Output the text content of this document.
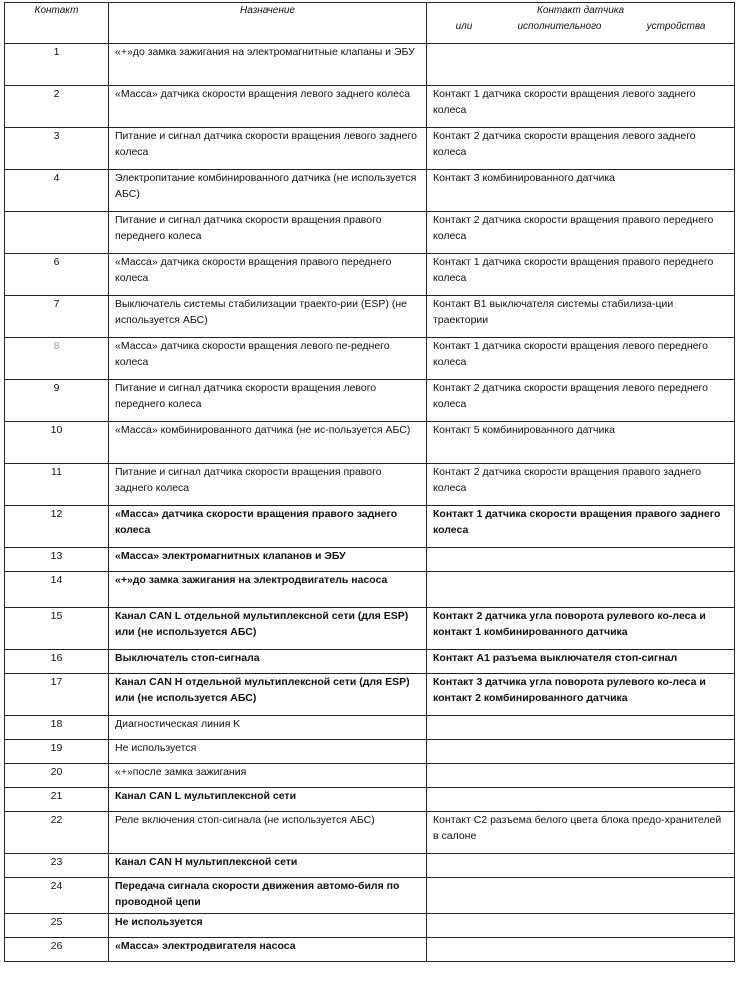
Контакт	Назначение	Контакт датчика
или исполнительного устройства

1	«+»до замка зажигания на электромагнитные клапаны и ЭБУ	
2	«Масса» датчика скорости вращения левого заднего колеса	Контакт 1 датчика скорости вращения левого заднего колеса
3	Питание и сигнал датчика скорости вращения левого заднего колеса	Контакт 2 датчика скорости вращения левого заднего колеса
4	Электропитание комбинированного датчика (не используется АБС)	Контакт 3 комбинированного датчика
	Питание и сигнал датчика скорости вращения правого переднего колеса	Контакт 2 датчика скорости вращения правого переднего колеса
6	«Масса» датчика скорости вращения правого переднего колеса	Контакт 1 датчика скорости вращения правого переднего колеса
7	Выключатель системы стабилизации траекто-рии (ESP) (не используется АБС)	Контакт В1 выключателя системы стабилиза-ции траектории
8	«Масса» датчика скорости вращения левого пе-реднего колеса	Контакт 1 датчика скорости вращения левого переднего колеса
9	Питание и сигнал датчика скорости вращения левого переднего колеса	Контакт 2 датчика скорости вращения левого переднего колеса
10	«Масса» комбинированного датчика (не ис-пользуется АБС)	Контакт 5 комбинированного датчика
11	Питание и сигнал датчика скорости вращения правого заднего колеса	Контакт 2 датчика скорости вращения правого заднего колеса
12	«Масса» датчика скорости вращения правого заднего колеса	Контакт 1 датчика скорости вращения правого заднего колеса
13	«Масса» электромагнитных клапанов и ЭБУ	
14	«+»до замка зажигания на электродвигатель насоса	
15	Канал CAN L отдельной мультиплексной сети (для ESP) или (не используется АБС)	Контакт 2 датчика угла поворота рулевого ко-леса и контакт 1 комбинированного датчика
16	Выключатель стоп-сигнала	Контакт А1 разъема выключателя стоп-сигнал
17	Канал CAN H отдельной мультиплексной сети (для ESP) или (не используется АБС)	Контакт 3 датчика угла поворота рулевого ко-леса и контакт 2 комбинированного датчика
18	Диагностическая линия K	
19	Не используется	
20	«+»после замка зажигания	
21	Канал CAN L мультиплексной сети	
22	Реле включения стоп-сигнала (не используется АБС)	Контакт С2 разъема белого цвета блока предо-хранителей в салоне
23	Канал CAN H мультиплексной сети	
24	Передача сигнала скорости движения автомо-биля по проводной цепи	
25	Не используется	
26	«Масса» электродвигателя насоса	
